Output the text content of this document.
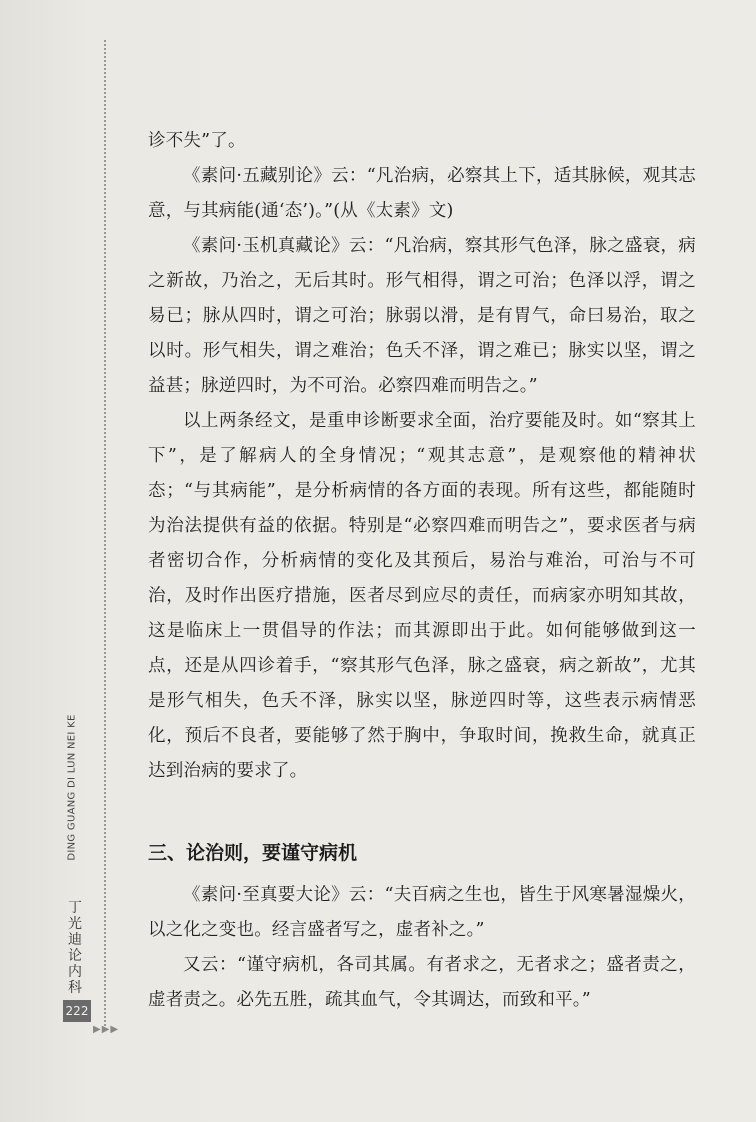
DING GUANG DI LUN NEI KE
丁
光
迪
论
内
科
222
▶▶▶

诊不失”了。

《素问·五藏别论》云：“凡治病，必察其上下，适其脉候，观其志意，与其病能(通‘态’)。”(从《太素》文)

《素问·玉机真藏论》云：“凡治病，察其形气色泽，脉之盛衰，病之新故，乃治之，无后其时。形气相得，谓之可治；色泽以浮，谓之易已；脉从四时，谓之可治；脉弱以滑，是有胃气，命曰易治，取之以时。形气相失，谓之难治；色夭不泽，谓之难已；脉实以坚，谓之益甚；脉逆四时，为不可治。必察四难而明告之。”

以上两条经文，是重申诊断要求全面，治疗要能及时。如“察其上下”，是了解病人的全身情况；“观其志意”，是观察他的精神状态；“与其病能”，是分析病情的各方面的表现。所有这些，都能随时为治法提供有益的依据。特别是“必察四难而明告之”，要求医者与病者密切合作，分析病情的变化及其预后，易治与难治，可治与不可治，及时作出医疗措施，医者尽到应尽的责任，而病家亦明知其故，这是临床上一贯倡导的作法；而其源即出于此。如何能够做到这一点，还是从四诊着手，“察其形气色泽，脉之盛衰，病之新故”，尤其是形气相失，色夭不泽，脉实以坚，脉逆四时等，这些表示病情恶化，预后不良者，要能够了然于胸中，争取时间，挽救生命，就真正达到治病的要求了。

三、论治则，要谨守病机

《素问·至真要大论》云：“夫百病之生也，皆生于风寒暑湿燥火，以之化之变也。经言盛者写之，虚者补之。”

又云：“谨守病机，各司其属。有者求之，无者求之；盛者责之，虚者责之。必先五胜，疏其血气，令其调达，而致和平。”
